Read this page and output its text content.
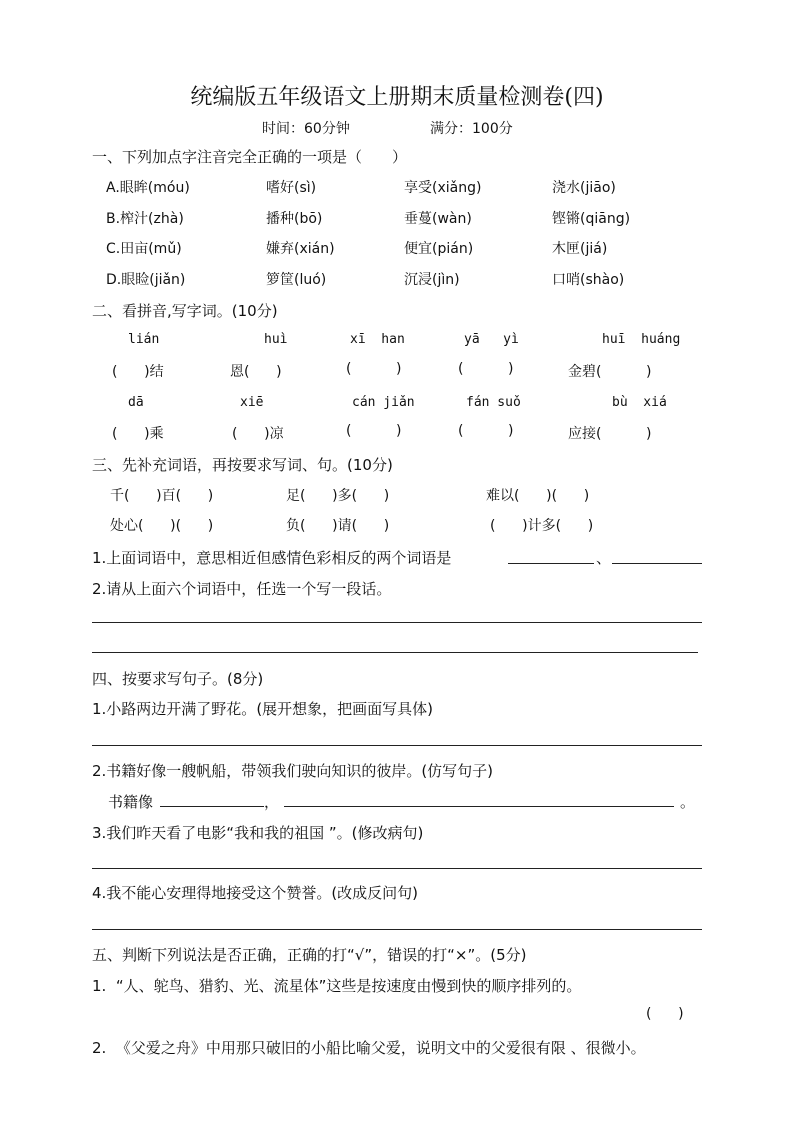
统编版五年级语文上册期末质量检测卷(四)
时间：60分钟	满分：100分
一、下列加点字注音完全正确的一项是（　　）
A.眼眸(móu)	嗜好(sì)	享受(xiǎng)	浇水(jiāo)
B.榨汁(zhà)	播种(bō)	垂蔓(wàn)	铿锵(qiāng)
C.田亩(mǔ)	嫌弃(xián)	便宜(pián)	木匣(jiá)
D.眼睑(jiǎn)	箩筐(luó)	沉浸(jìn)	口哨(shào)
二、看拼音,写字词。(10分)
lián	huì	xī  han	yā   yì	huī  huáng
(      )结	恩(      )	(          )	(          )	金碧(          )
dā	xiē	cán jiǎn	fán suǒ	bù  xiá
(      )乘	(      )凉	(          )	(          )	应接(          )
三、先补充词语，再按要求写词、句。(10分)
千(      )百(      )	足(      )多(      )	难以(      )(      )
处心(      )(      )	负(      )请(      )	(      )计多(      )
1.上面词语中，意思相近但感情色彩相反的两个词语是	、
2.请从上面六个词语中，任选一个写一段话。
四、按要求写句子。(8分)
1.小路两边开满了野花。(展开想象，把画面写具体)
2.书籍好像一艘帆船，带领我们驶向知识的彼岸。(仿写句子)
书籍像	，	。
3.我们昨天看了电影“我和我的祖国 ”。(修改病句)
4.我不能心安理得地接受这个赞誉。(改成反问句)
五、判断下列说法是否正确，正确的打“√”，错误的打“×”。(5分)
1.  “人、鸵鸟、猎豹、光、流星体”这些是按速度由慢到快的顺序排列的。
(      )
2.  《父爱之舟》中用那只破旧的小船比喻父爱，说明文中的父爱很有限 、很微小。
